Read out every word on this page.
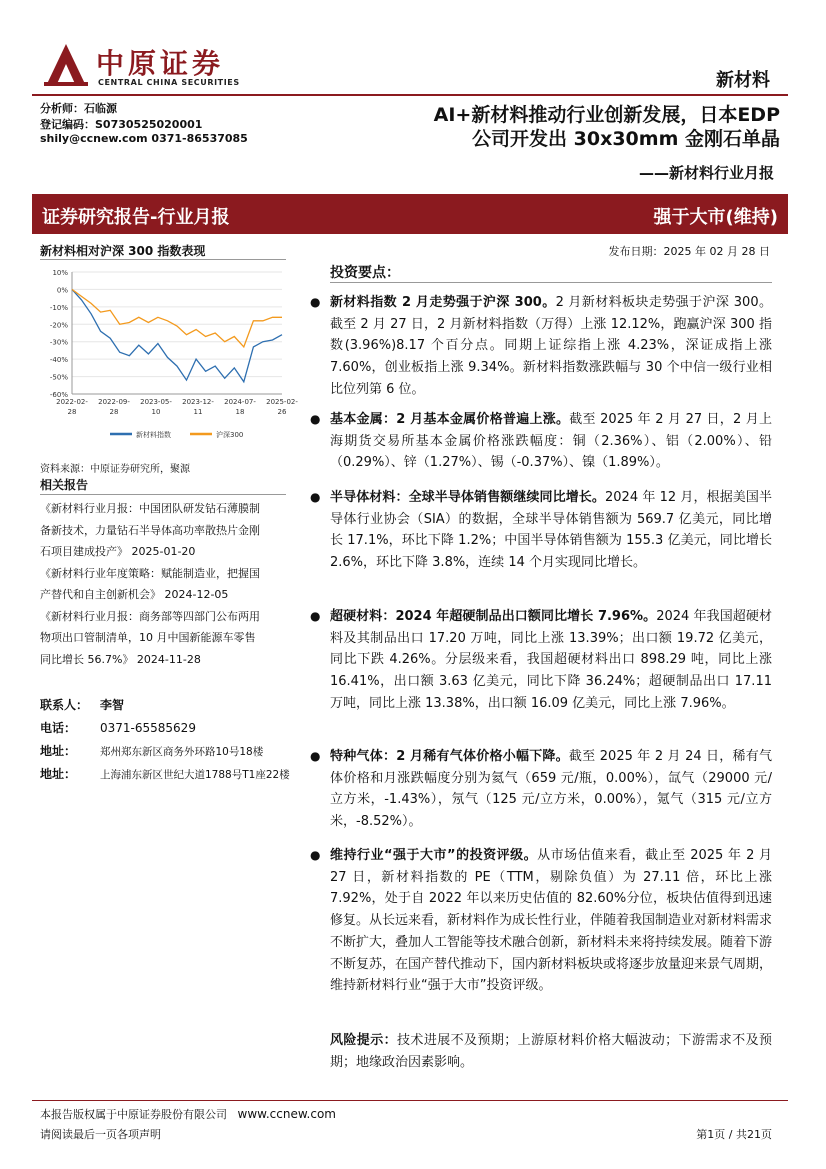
中原证券
CENTRAL CHINA SECURITIES	新材料
分析师：石临源
登记编码：S0730525020001
shily@ccnew.com 0371-86537085
AI+新材料推动行业创新发展，日本EDP
公司开发出 30x30mm 金刚石单晶
——新材料行业月报
证券研究报告-行业月报	强于大市(维持)
新材料相对沪深 300 指数表现	发布日期：2025 年 02 月 28 日
10%
0%
-10%
-20%
-30%
-40%
-50%
-60%
2022-02-
28
2022-09-
28
2023-05-
10
2023-12-
11
2024-07-
18
2025-02-
26
新材料指数	沪深300
资料来源：中原证券研究所，聚源
相关报告
《新材料行业月报：中国团队研发钻石薄膜制
备新技术，力量钻石半导体高功率散热片金刚
石项目建成投产》 2025-01-20
《新材料行业年度策略：赋能制造业，把握国
产替代和自主创新机会》 2024-12-05
《新材料行业月报：商务部等四部门公布两用
物项出口管制清单，10 月中国新能源车零售
同比增长 56.7%》 2024-11-28
联系人： 李智
电话： 0371-65585629
地址： 郑州郑东新区商务外环路10号18楼
地址： 上海浦东新区世纪大道1788号T1座22楼
投资要点：
● 新材料指数 2 月走势强于沪深 300。2 月新材料板块走势强于沪深 300。截至 2 月 27 日，2 月新材料指数（万得）上涨 12.12%，跑赢沪深 300 指数(3.96%)8.17 个百分点。同期上证综指上涨 4.23%，深证成指上涨 7.60%，创业板指上涨 9.34%。新材料指数涨跌幅与 30 个中信一级行业相比位列第 6 位。
● 基本金属：2 月基本金属价格普遍上涨。截至 2025 年 2 月 27 日，2 月上海期货交易所基本金属价格涨跌幅度：铜（2.36%）、铝（2.00%）、铅（0.29%）、锌（1.27%）、锡（-0.37%）、镍（1.89%）。
● 半导体材料：全球半导体销售额继续同比增长。2024 年 12 月，根据美国半导体行业协会（SIA）的数据，全球半导体销售额为 569.7 亿美元，同比增长 17.1%，环比下降 1.2%；中国半导体销售额为 155.3 亿美元，同比增长 2.6%，环比下降 3.8%，连续 14 个月实现同比增长。
● 超硬材料：2024 年超硬制品出口额同比增长 7.96%。2024 年我国超硬材料及其制品出口 17.20 万吨，同比上涨 13.39%；出口额 19.72 亿美元，同比下跌 4.26%。分层级来看，我国超硬材料出口 898.29 吨，同比上涨 16.41%，出口额 3.63 亿美元，同比下降 36.24%；超硬制品出口 17.11 万吨，同比上涨 13.38%，出口额 16.09 亿美元，同比上涨 7.96%。
● 特种气体：2 月稀有气体价格小幅下降。截至 2025 年 2 月 24 日，稀有气体价格和月涨跌幅度分别为氦气（659 元/瓶，0.00%），氙气（29000 元/立方米，-1.43%），氖气（125 元/立方米，0.00%），氪气（315 元/立方米，-8.52%）。
● 维持行业“强于大市”的投资评级。从市场估值来看，截止至 2025 年 2 月 27 日，新材料指数的 PE（TTM，剔除负值）为 27.11 倍，环比上涨 7.92%，处于自 2022 年以来历史估值的 82.60%分位，板块估值得到迅速修复。从长远来看，新材料作为成长性行业，伴随着我国制造业对新材料需求不断扩大，叠加人工智能等技术融合创新，新材料未来将持续发展。随着下游不断复苏，在国产替代推动下，国内新材料板块或将逐步放量迎来景气周期，维持新材料行业“强于大市”投资评级。
风险提示：技术进展不及预期；上游原材料价格大幅波动；下游需求不及预期；地缘政治因素影响。
本报告版权属于中原证券股份有限公司 www.ccnew.com
请阅读最后一页各项声明	第1页 / 共21页
